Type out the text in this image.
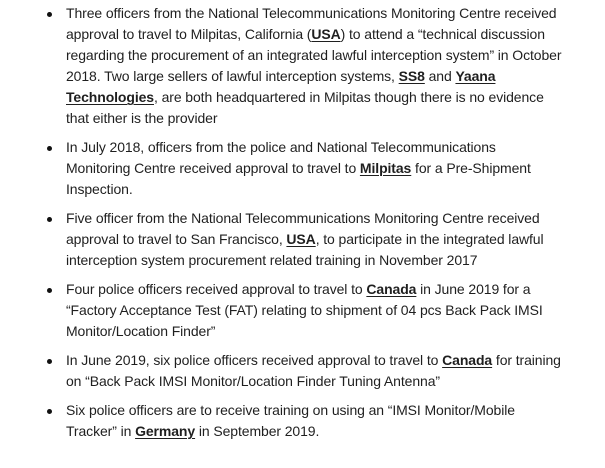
Three officers from the National Telecommunications Monitoring Centre received approval to travel to Milpitas, California (USA) to attend a “technical discussion regarding the procurement of an integrated lawful interception system” in October 2018. Two large sellers of lawful interception systems, SS8 and Yaana Technologies, are both headquartered in Milpitas though there is no evidence that either is the provider
In July 2018, officers from the police and National Telecommunications Monitoring Centre received approval to travel to Milpitas for a Pre-Shipment Inspection.
Five officer from the National Telecommunications Monitoring Centre received approval to travel to San Francisco, USA, to participate in the integrated lawful interception system procurement related training in November 2017
Four police officers received approval to travel to Canada in June 2019 for a “Factory Acceptance Test (FAT) relating to shipment of 04 pcs Back Pack IMSI Monitor/Location Finder”
In June 2019, six police officers received approval to travel to Canada for training on “Back Pack IMSI Monitor/Location Finder Tuning Antenna”
Six police officers are to receive training on using an “IMSI Monitor/Mobile Tracker” in Germany in September 2019.
